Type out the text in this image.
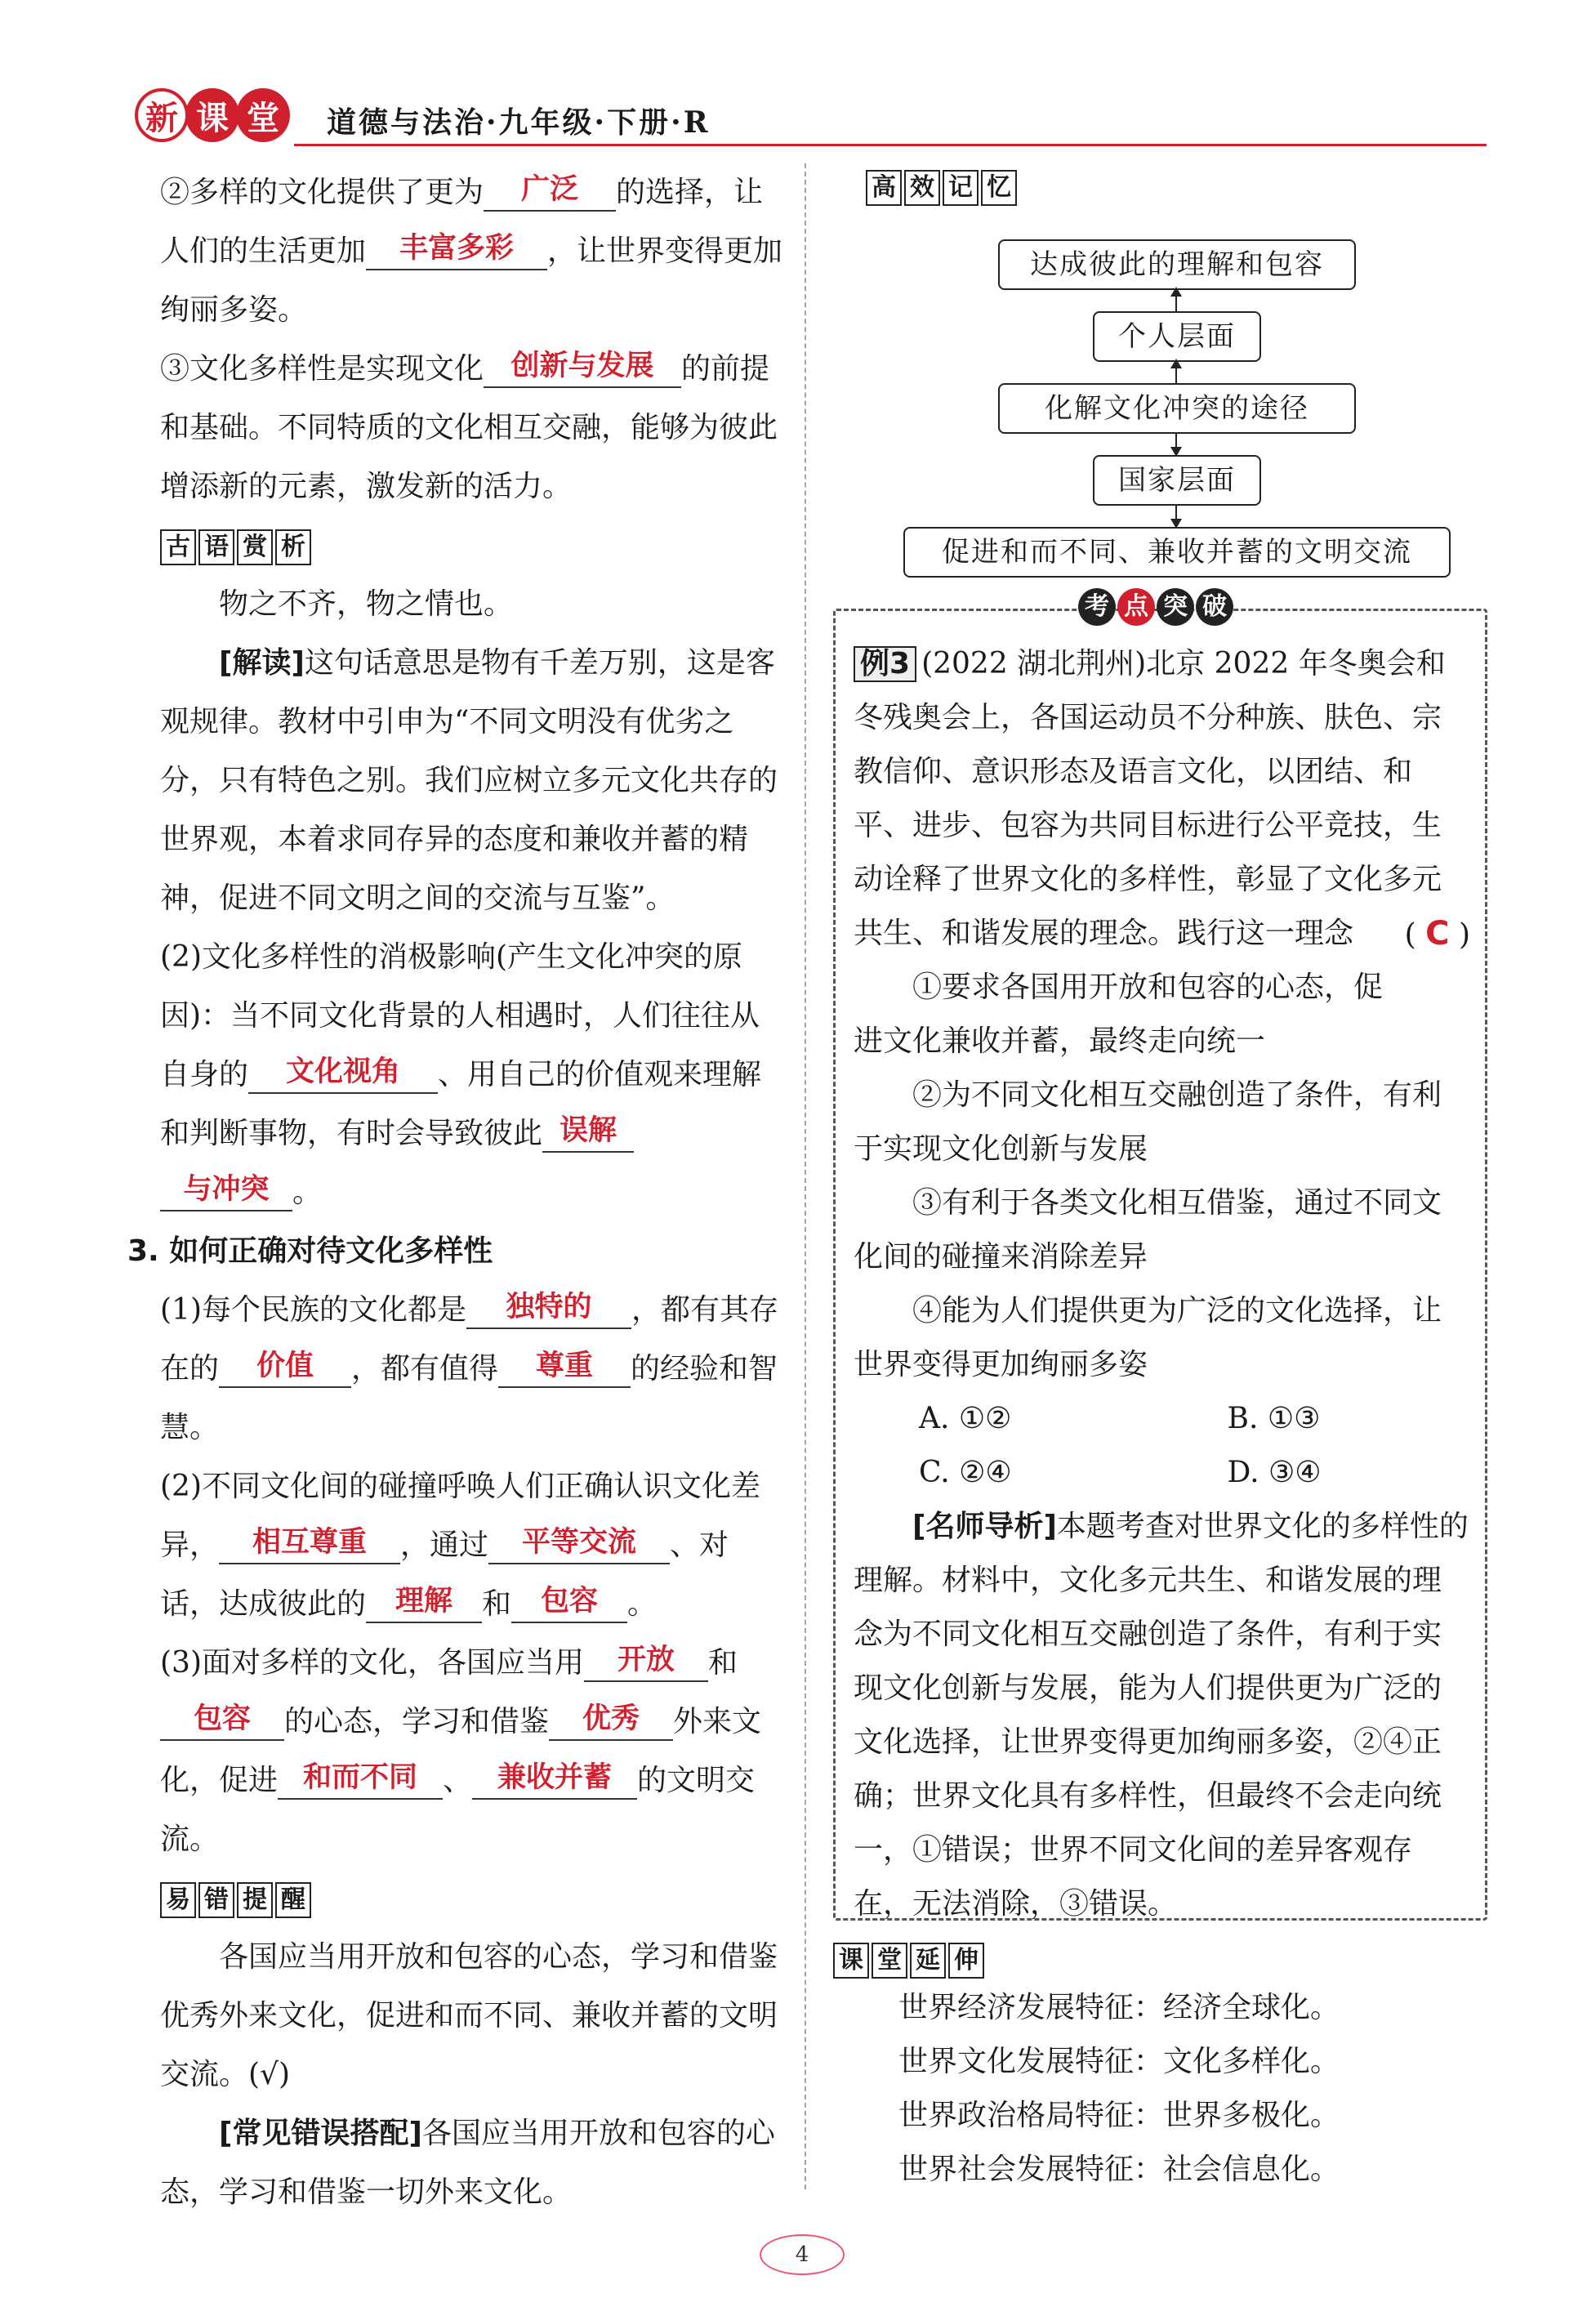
新 课 堂	道德与法治·九年级·下册·R

②多样的文化提供了更为 广泛 的选择，让人们的生活更加 丰富多彩 ，让世界变得更加绚丽多姿。

③文化多样性是实现文化 创新与发展 的前提和基础。不同特质的文化相互交融，能够为彼此增添新的元素，激发新的活力。

古 语 赏 析

物之不齐，物之情也。

[解读]这句话意思是物有千差万别，这是客观规律。教材中引申为“不同文明没有优劣之分，只有特色之别。我们应树立多元文化共存的世界观，本着求同存异的态度和兼收并蓄的精神，促进不同文明之间的交流与互鉴”。

(2)文化多样性的消极影响(产生文化冲突的原因)：当不同文化背景的人相遇时，人们往往从自身的 文化视角 、用自己的价值观来理解和判断事物，有时会导致彼此 误解
与冲突 。

3. 如何正确对待文化多样性

(1)每个民族的文化都是 独特的 ，都有其存在的 价值 ，都有值得 尊重 的经验和智慧。

(2)不同文化间的碰撞呼唤人们正确认识文化差异， 相互尊重 ，通过 平等交流 、对话，达成彼此的 理解 和 包容 。

(3)面对多样的文化，各国应当用 开放 和包容 的心态，学习和借鉴 优秀 外来文化，促进 和而不同 、 兼收并蓄 的文明交流。

易 错 提 醒

各国应当用开放和包容的心态，学习和借鉴优秀外来文化，促进和而不同、兼收并蓄的文明交流。(√)

[常见错误搭配]各国应当用开放和包容的心态，学习和借鉴一切外来文化。

高 效 记 忆
达成彼此的理解和包容
个人层面
化解文化冲突的途径
国家层面
促进和而不同、兼收并蓄的文明交流
考 点 突 破

例3 (2022 湖北荆州)北京 2022 年冬奥会和冬残奥会上，各国运动员不分种族、肤色、宗教信仰、意识形态及语言文化，以团结、和平、进步、包容为共同目标进行公平竞技，生动诠释了世界文化的多样性，彰显了文化多元共生、和谐发展的理念。践行这一理念 ( C )

①要求各国用开放和包容的心态，促进文化兼收并蓄，最终走向统一

②为不同文化相互交融创造了条件，有利于实现文化创新与发展

③有利于各类文化相互借鉴，通过不同文化间的碰撞来消除差异

④能为人们提供更为广泛的文化选择，让世界变得更加绚丽多姿

A. ①②	B. ①③
C. ②④	D. ③④

[名师导析]本题考查对世界文化的多样性的理解。材料中，文化多元共生、和谐发展的理念为不同文化相互交融创造了条件，有利于实现文化创新与发展，能为人们提供更为广泛的文化选择，让世界变得更加绚丽多姿，②④正确；世界文化具有多样性，但最终不会走向统一，①错误；世界不同文化间的差异客观存在，无法消除，③错误。

课 堂 延 伸

世界经济发展特征：经济全球化。

世界文化发展特征：文化多样化。

世界政治格局特征：世界多极化。

世界社会发展特征：社会信息化。

4
